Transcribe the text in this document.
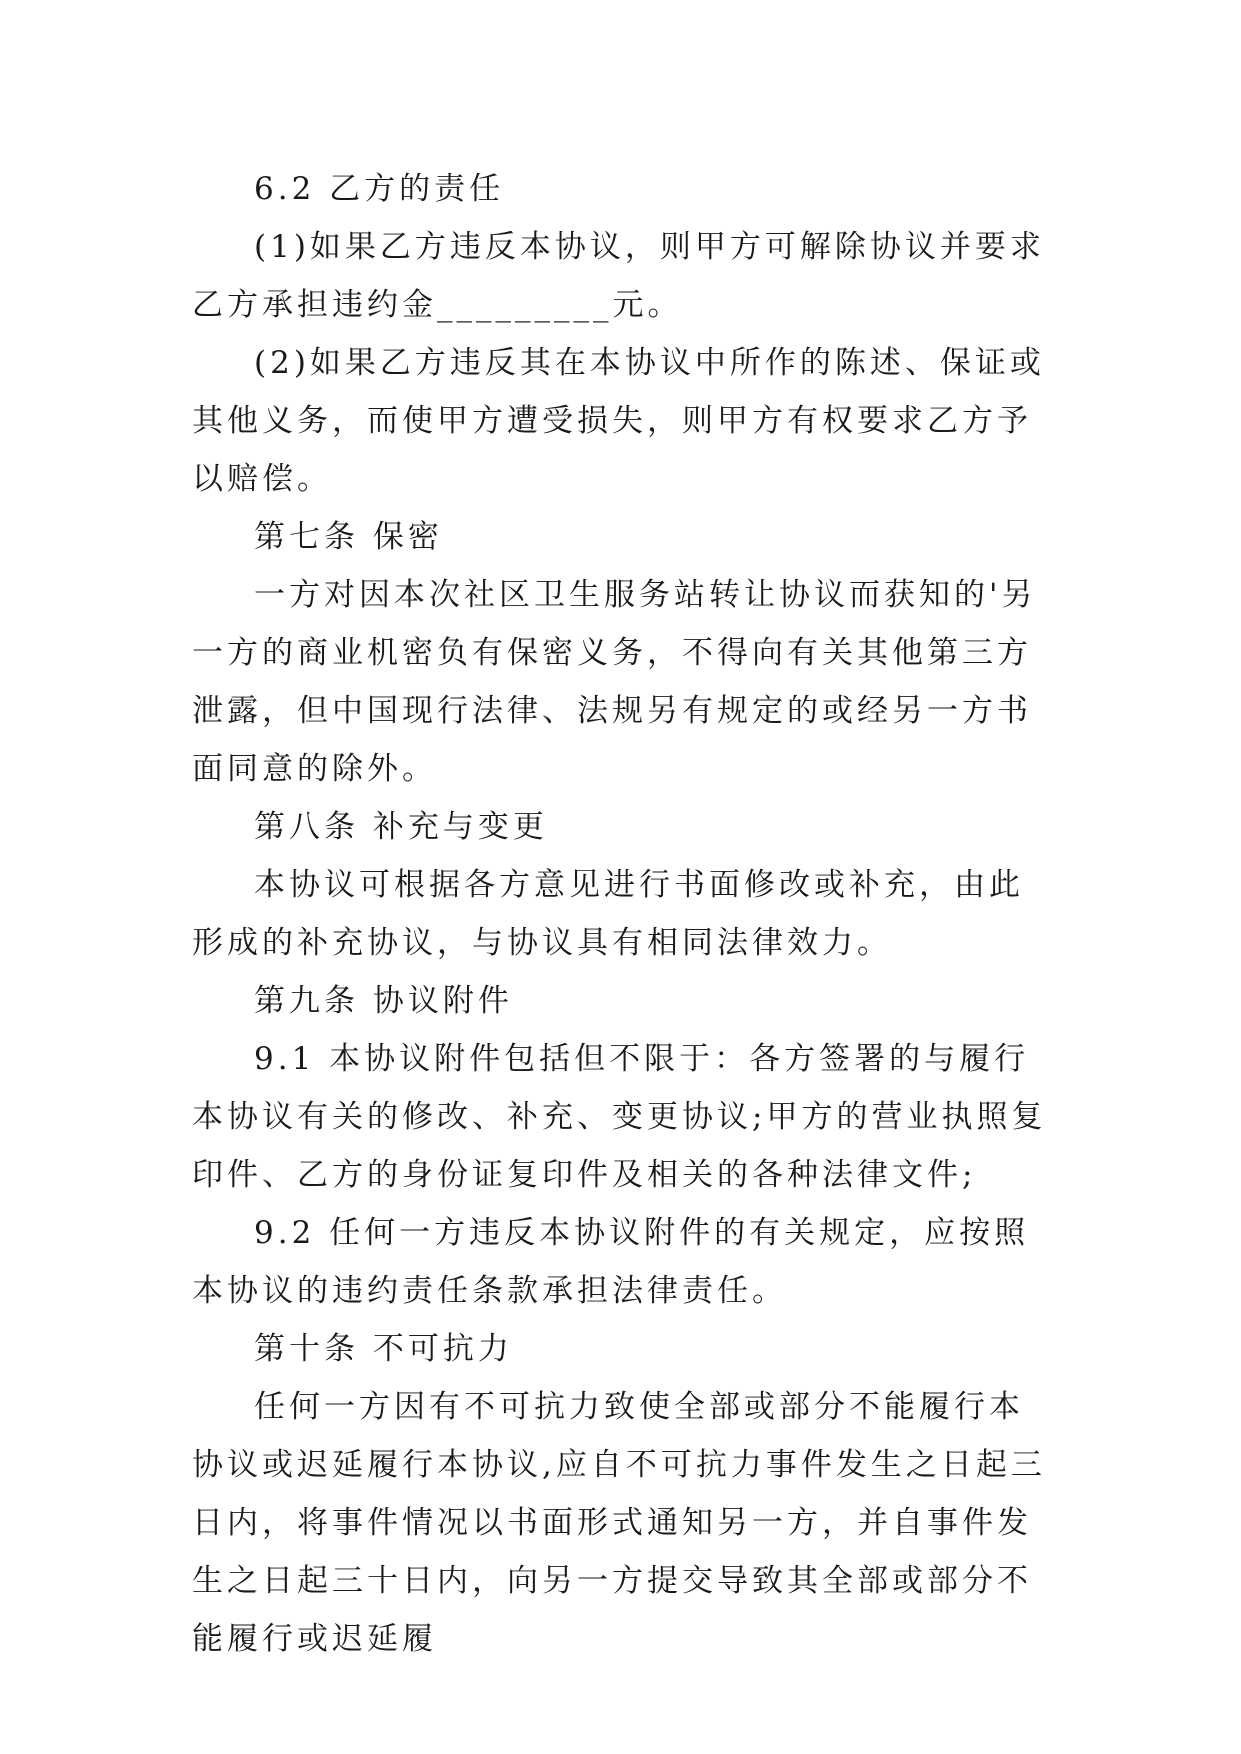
6.2 乙方的责任

(1)如果乙方违反本协议，则甲方可解除协议并要求乙方承担违约金_________元。

(2)如果乙方违反其在本协议中所作的陈述、保证或其他义务，而使甲方遭受损失，则甲方有权要求乙方予以赔偿。

第七条 保密

一方对因本次社区卫生服务站转让协议而获知的'另一方的商业机密负有保密义务，不得向有关其他第三方泄露，但中国现行法律、法规另有规定的或经另一方书面同意的除外。

第八条 补充与变更

本协议可根据各方意见进行书面修改或补充，由此形成的补充协议，与协议具有相同法律效力。

第九条 协议附件

9.1 本协议附件包括但不限于：各方签署的与履行本协议有关的修改、补充、变更协议;甲方的营业执照复印件、乙方的身份证复印件及相关的各种法律文件;

9.2 任何一方违反本协议附件的有关规定，应按照本协议的违约责任条款承担法律责任。

第十条 不可抗力

任何一方因有不可抗力致使全部或部分不能履行本协议或迟延履行本协议,应自不可抗力事件发生之日起三日内，将事件情况以书面形式通知另一方，并自事件发生之日起三十日内，向另一方提交导致其全部或部分不能履行或迟延履
